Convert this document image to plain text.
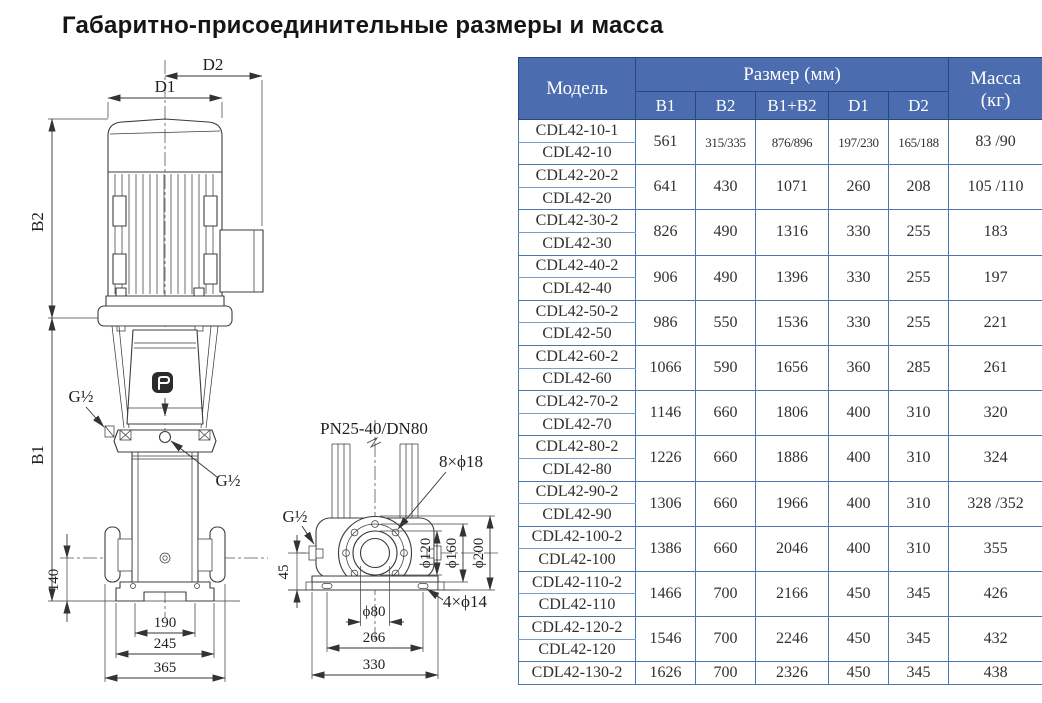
Габаритно-присоединительные размеры и масса
D2
D1
B2
B1
140
190
245
365
G½
G½
PN25-40/DN80
8×ϕ18
ϕ120 ϕ160 ϕ200
G½
45
4×ϕ14
ϕ80
266
330
Модель	Размер (мм)					Масса
(кг)

	B1	B2	B1+B2	D1	D2	
CDL42-10-1	561	315/335	876/896	197/230	165/188	83 /90
CDL42-10						
CDL42-20-2	641	430	1071	260	208	105 /110
CDL42-20						
CDL42-30-2	826	490	1316	330	255	183
CDL42-30						
CDL42-40-2	906	490	1396	330	255	197
CDL42-40						
CDL42-50-2	986	550	1536	330	255	221
CDL42-50						
CDL42-60-2	1066	590	1656	360	285	261
CDL42-60						
CDL42-70-2	1146	660	1806	400	310	320
CDL42-70						
CDL42-80-2	1226	660	1886	400	310	324
CDL42-80						
CDL42-90-2	1306	660	1966	400	310	328 /352
CDL42-90						
CDL42-100-2	1386	660	2046	400	310	355
CDL42-100						
CDL42-110-2	1466	700	2166	450	345	426
CDL42-110						
CDL42-120-2	1546	700	2246	450	345	432
CDL42-120						
CDL42-130-2	1626	700	2326	450	345	438
